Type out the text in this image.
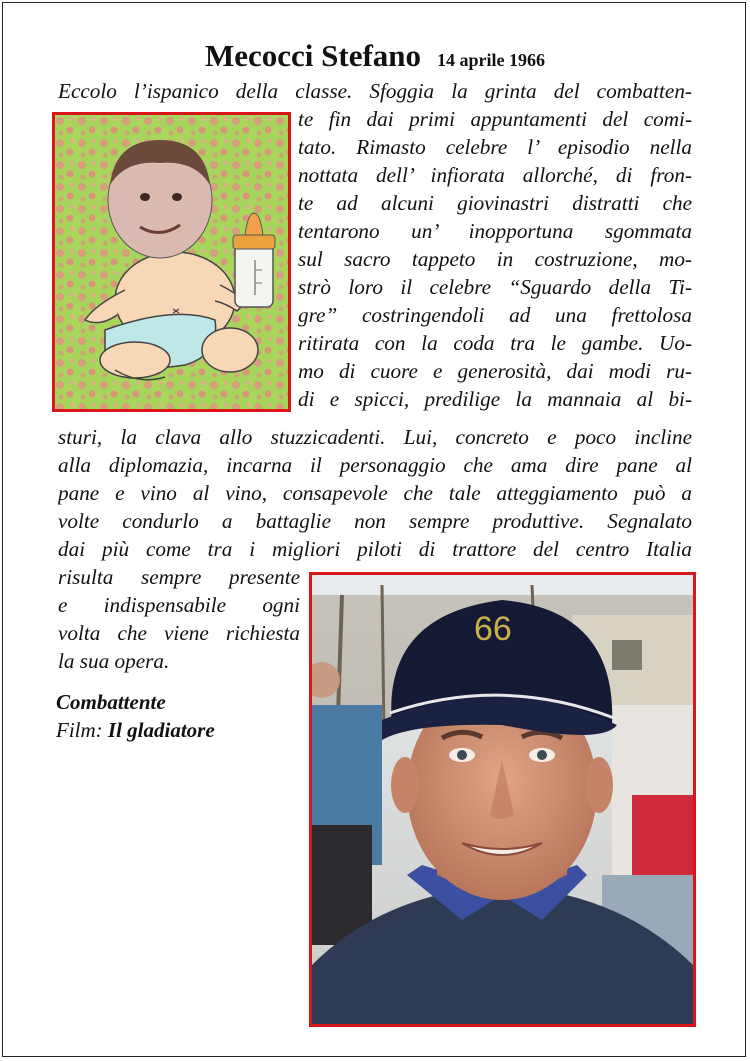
Mecocci Stefano 14 aprile 1966
Eccolo l’ispanico della classe. Sfoggia la grinta del combatten-
te fin dai primi appuntamenti del comi-
tato. Rimasto celebre l’ episodio nella
nottata dell’ infiorata allorché, di fron-
te ad alcuni giovinastri distratti che
tentarono un’ inopportuna sgommata
sul sacro tappeto in costruzione, mo-
strò loro il celebre “Sguardo della Ti-
gre” costringendoli ad una frettolosa
ritirata con la coda tra le gambe. Uo-
mo di cuore e generosità, dai modi ru-
di e spicci, predilige la mannaia al bi-
sturi, la clava allo stuzzicadenti. Lui, concreto e poco incline
alla diplomazia, incarna il personaggio che ama dire pane al
pane e vino al vino, consapevole che tale atteggiamento può a
volte condurlo a battaglie non sempre produttive. Segnalato
dai più come tra i migliori piloti di trattore del centro Italia
risulta sempre presente
e indispensabile ogni
volta che viene richiesta
la sua opera.
Combattente
Film: Il gladiatore
66
